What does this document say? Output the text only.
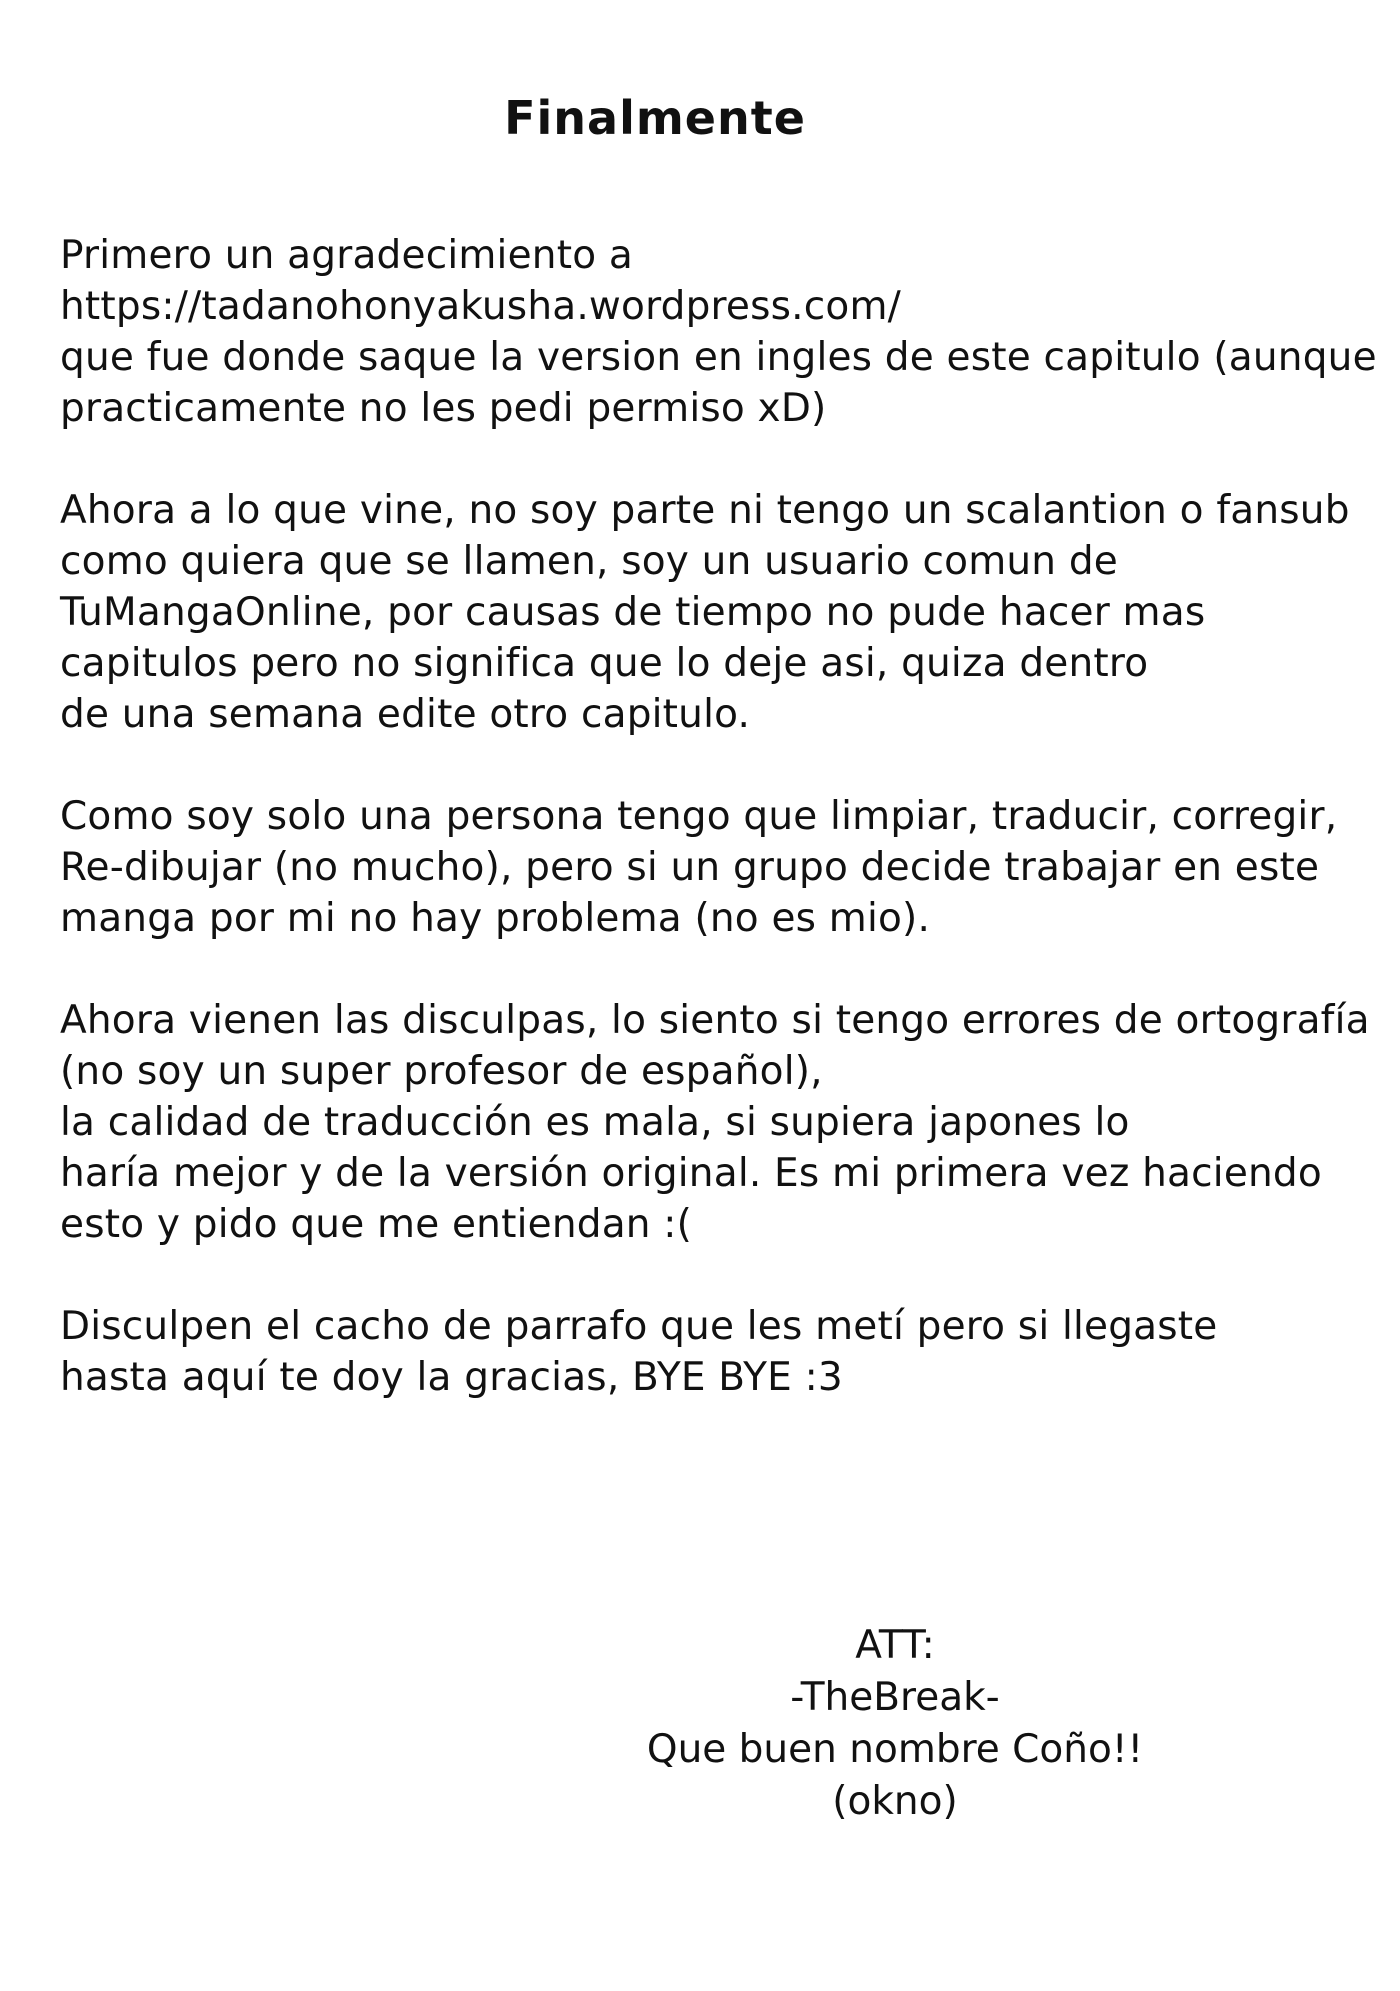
Finalmente
Primero un agradecimiento a
https://tadanohonyakusha.wordpress.com/
que fue donde saque la version en ingles de este capitulo (aunque
practicamente no les pedi permiso xD)
Ahora a lo que vine, no soy parte ni tengo un scalantion o fansub
como quiera que se llamen, soy un usuario comun de
TuMangaOnline, por causas de tiempo no pude hacer mas
capitulos pero no significa que lo deje asi, quiza dentro
de una semana edite otro capitulo.
Como soy solo una persona tengo que limpiar, traducir, corregir,
Re-dibujar (no mucho), pero si un grupo decide trabajar en este
manga por mi no hay problema (no es mio).
Ahora vienen las disculpas, lo siento si tengo errores de ortografía
(no soy un super profesor de español),
la calidad de traducción es mala, si supiera japones lo
haría mejor y de la versión original. Es mi primera vez haciendo
esto y pido que me entiendan :(
Disculpen el cacho de parrafo que les metí pero si llegaste
hasta aquí te doy la gracias, BYE BYE :3
ATT:
-TheBreak-
Que buen nombre Coño!!
(okno)
